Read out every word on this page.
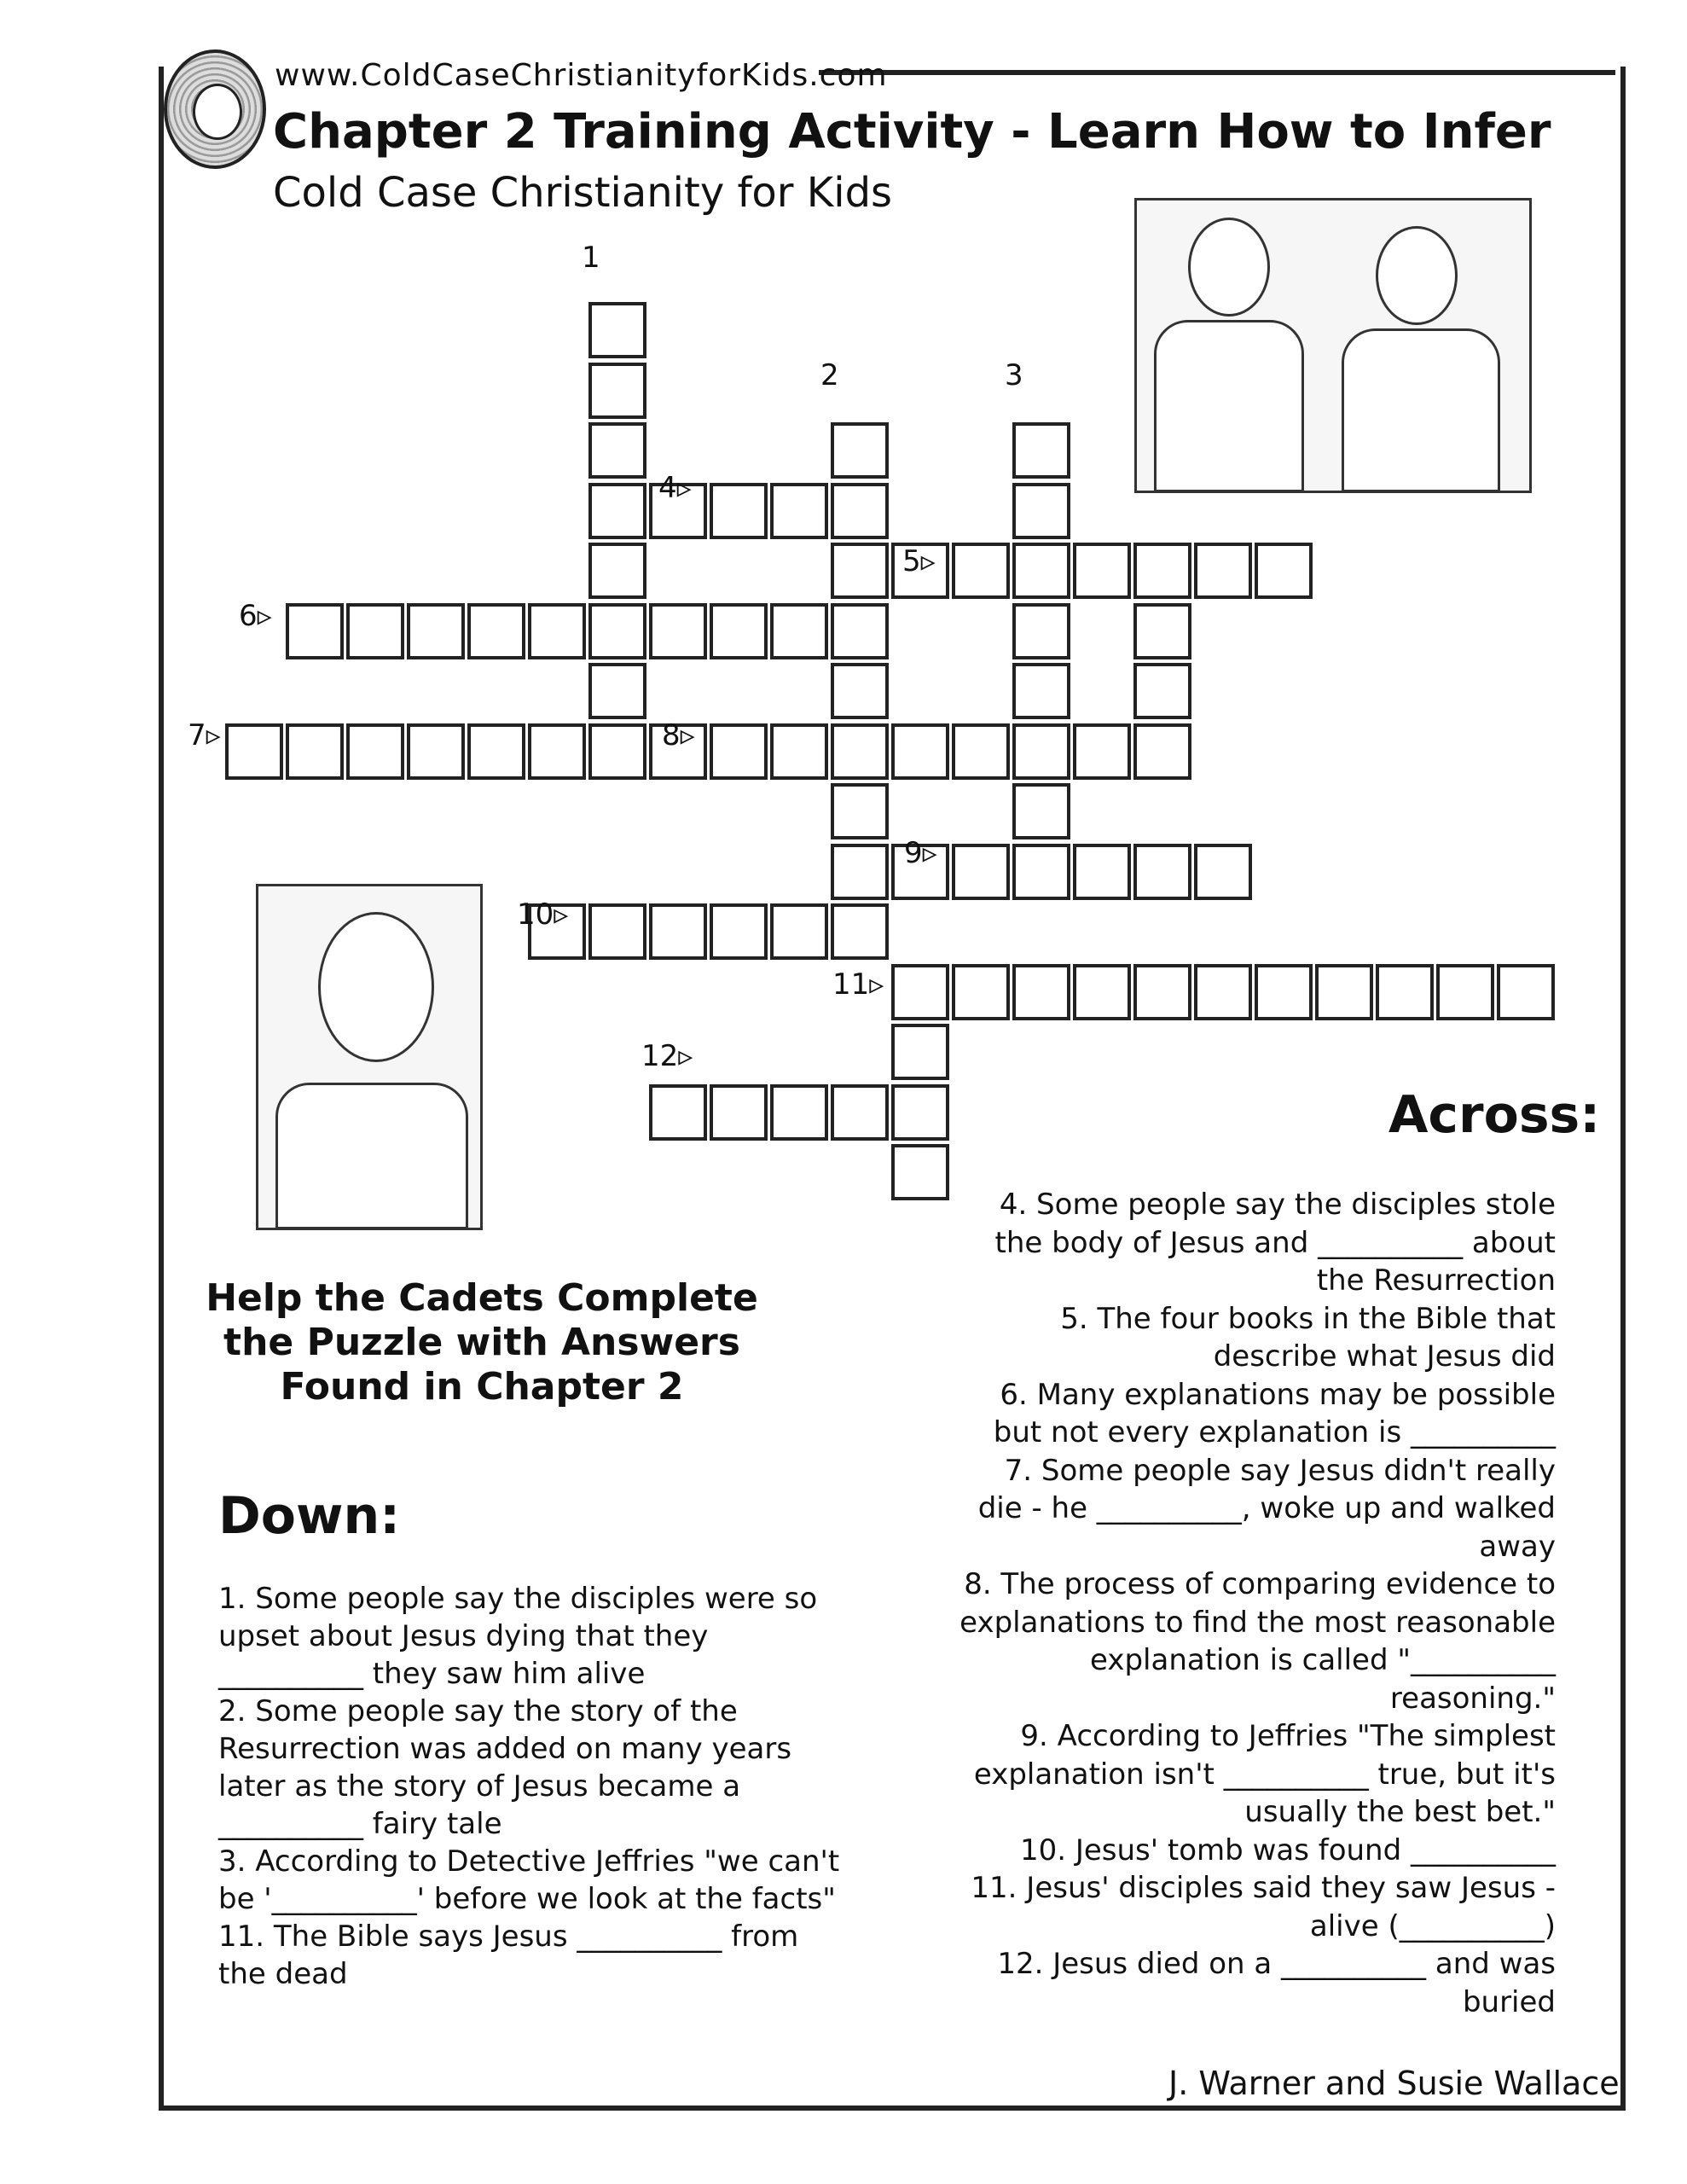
www.ColdCaseChristianityforKids.com
Chapter 2 Training Activity - Learn How to Infer
Cold Case Christianity for Kids
1
2	3
4▹
5▹
6▹
7▹	8▹
9▹
10▹
11▹
12▹
Help the Cadets Complete the Puzzle with Answers Found in Chapter 2
Down:

1. Some people say the disciples were so upset about Jesus dying that they __________ they saw him alive

2. Some people say the story of the Resurrection was added on many years later as the story of Jesus became a __________ fairy tale

3. According to Detective Jeffries "we can't be '__________' before we look at the facts"

11. The Bible says Jesus __________ from the dead

Across:

4. Some people say the disciples stole the body of Jesus and __________ about the Resurrection

5. The four books in the Bible that describe what Jesus did

6. Many explanations may be possible but not every explanation is __________

7. Some people say Jesus didn't really die - he __________, woke up and walked away

8. The process of comparing evidence to explanations to find the most reasonable explanation is called "__________ reasoning."

9. According to Jeffries "The simplest explanation isn't __________ true, but it's usually the best bet."

10. Jesus' tomb was found __________

11. Jesus' disciples said they saw Jesus - alive (__________)

12. Jesus died on a __________ and was buried

J. Warner and Susie Wallace
